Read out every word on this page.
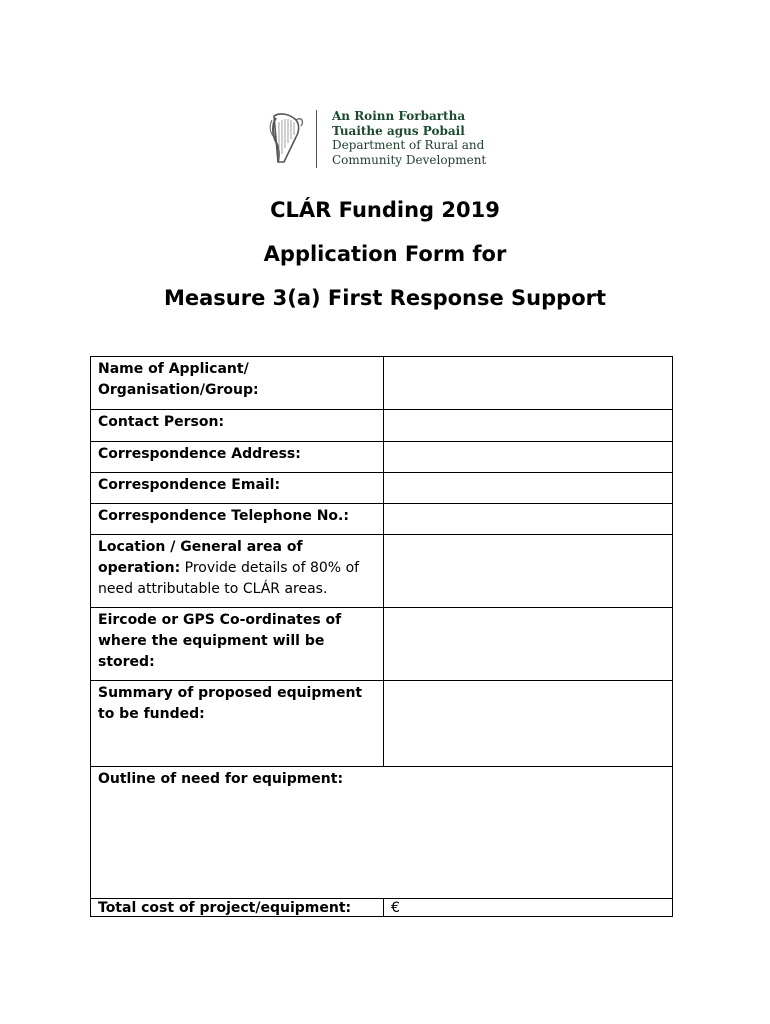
An Roinn Forbartha
Tuaithe agus Pobail
Department of Rural and
Community Development
CLÁR Funding 2019
Application Form for
Measure 3(a) First Response Support
Name of Applicant/ Organisation/Group:	
Contact Person:	
Correspondence Address:	
Correspondence Email:	
Correspondence Telephone No.:	
Location / General area of operation: Provide details of 80% of need attributable to CLÁR areas.	
Eircode or GPS Co-ordinates of where the equipment will be stored:	
Summary of proposed equipment to be funded:	
Outline of need for equipment:	
Total cost of project/equipment:	€
